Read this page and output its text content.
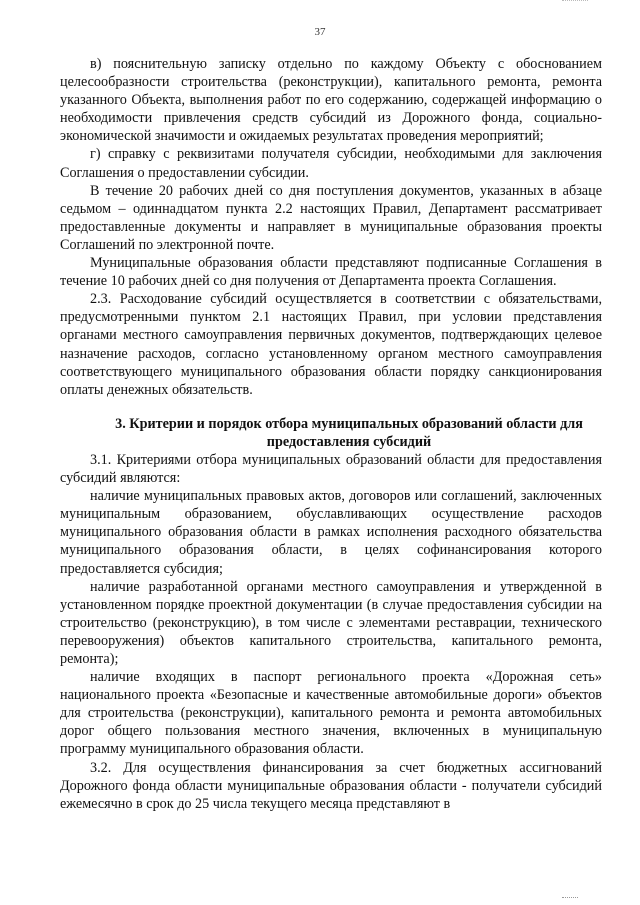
37

в) пояснительную записку отдельно по каждому Объекту с обоснованием целесообразности строительства (реконструкции), капитального ремонта, ремонта указанного Объекта, выполнения работ по его содержанию, содержащей информацию о необходимости привлечения средств субсидий из Дорожного фонда, социально-экономической значимости и ожидаемых результатах проведения мероприятий;

г) справку с реквизитами получателя субсидии, необходимыми для заключения Соглашения о предоставлении субсидии.

В течение 20 рабочих дней со дня поступления документов, указанных в абзаце седьмом – одиннадцатом пункта 2.2 настоящих Правил, Департамент рассматривает предоставленные документы и направляет в муниципальные образования проекты Соглашений по электронной почте.

Муниципальные образования области представляют подписанные Соглашения в течение 10 рабочих дней со дня получения от Департамента проекта Соглашения.

2.3. Расходование субсидий осуществляется в соответствии с обязательствами, предусмотренными пунктом 2.1 настоящих Правил, при условии представления органами местного самоуправления первичных документов, подтверждающих целевое назначение расходов, согласно установленному органом местного самоуправления соответствующего муниципального образования области порядку санкционирования оплаты денежных обязательств.

3. Критерии и порядок отбора муниципальных образований области для предоставления субсидий

3.1. Критериями отбора муниципальных образований области для предоставления субсидий являются:

наличие муниципальных правовых актов, договоров или соглашений, заключенных муниципальным образованием, обуславливающих осуществление расходов муниципального образования области в рамках исполнения расходного обязательства муниципального образования области, в целях софинансирования которого предоставляется субсидия;

наличие разработанной органами местного самоуправления и утвержденной в установленном порядке проектной документации (в случае предоставления субсидии на строительство (реконструкцию), в том числе с элементами реставрации, технического перевооружения) объектов капитального строительства, капитального ремонта, ремонта);

наличие входящих в паспорт регионального проекта «Дорожная сеть» национального проекта «Безопасные и качественные автомобильные дороги» объектов для строительства (реконструкции), капитального ремонта и ремонта автомобильных дорог общего пользования местного значения, включенных в муниципальную программу муниципального образования области.

3.2. Для осуществления финансирования за счет бюджетных ассигнований Дорожного фонда области муниципальные образования области - получатели субсидий ежемесячно в срок до 25 числа текущего месяца представляют в
